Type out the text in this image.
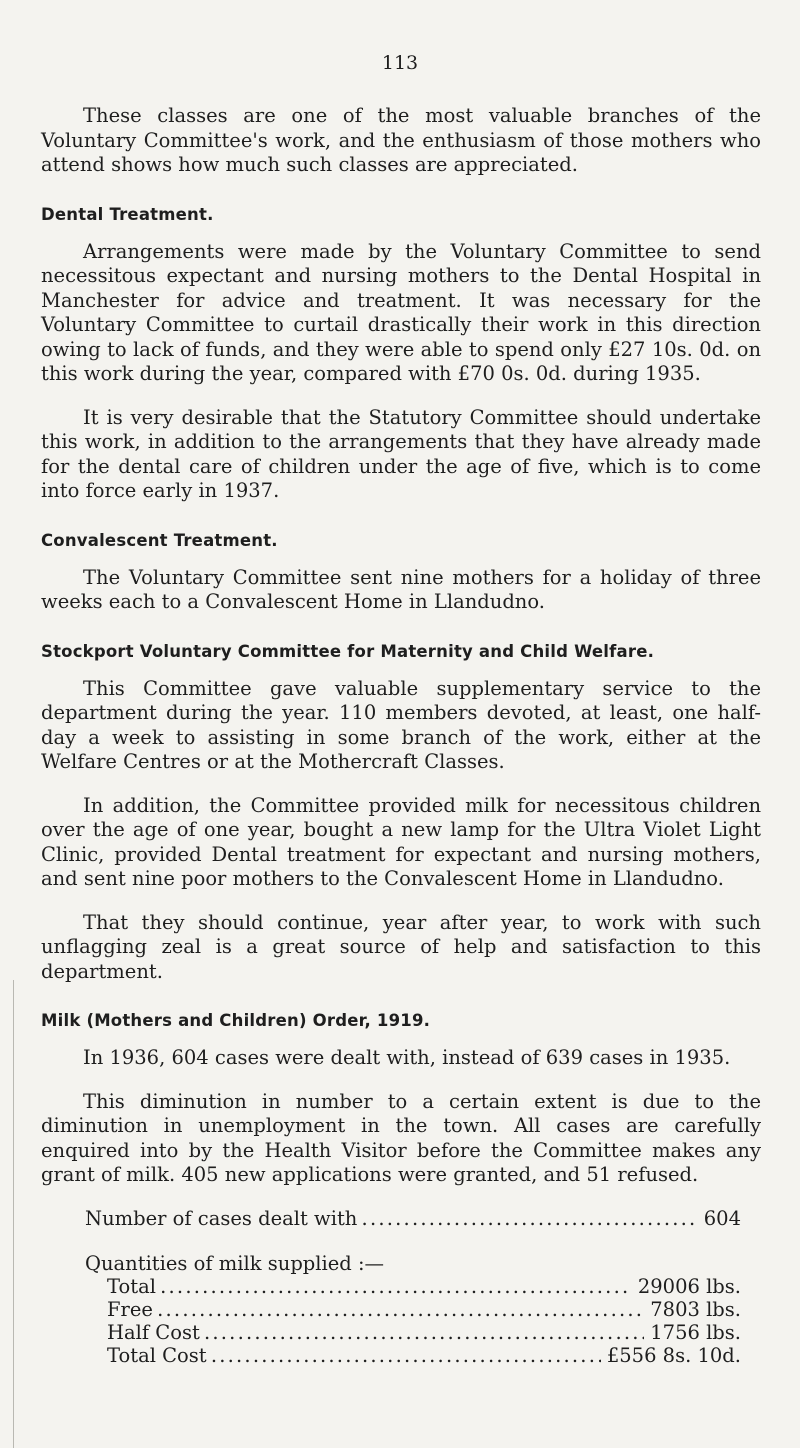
113

These classes are one of the most valuable branches of the Voluntary Committee's work, and the enthusiasm of those mothers who attend shows how much such classes are appreciated.

Dental Treatment.

Arrangements were made by the Voluntary Committee to send necessitous expectant and nursing mothers to the Dental Hospital in Manchester for advice and treatment. It was necessary for the Voluntary Committee to curtail drastically their work in this direction owing to lack of funds, and they were able to spend only £27 10s. 0d. on this work during the year, compared with £70 0s. 0d. during 1935.

It is very desirable that the Statutory Committee should undertake this work, in addition to the arrangements that they have already made for the dental care of children under the age of five, which is to come into force early in 1937.

Convalescent Treatment.

The Voluntary Committee sent nine mothers for a holiday of three weeks each to a Convalescent Home in Llandudno.

Stockport Voluntary Committee for Maternity and Child Welfare.

This Committee gave valuable supplementary service to the department during the year. 110 members devoted, at least, one half-day a week to assisting in some branch of the work, either at the Welfare Centres or at the Mothercraft Classes.

In addition, the Committee provided milk for necessitous children over the age of one year, bought a new lamp for the Ultra Violet Light Clinic, provided Dental treatment for expectant and nursing mothers, and sent nine poor mothers to the Convalescent Home in Llandudno.

That they should continue, year after year, to work with such unflagging zeal is a great source of help and satisfaction to this department.

Milk (Mothers and Children) Order, 1919.

In 1936, 604 cases were dealt with, instead of 639 cases in 1935.

This diminution in number to a certain extent is due to the diminution in unemployment in the town. All cases are carefully enquired into by the Health Visitor before the Committee makes any grant of milk. 405 new applications were granted, and 51 refused.

Number of cases dealt with . . .	604
Quantities of milk supplied :—
Total . . .	29006 lbs.
Free . . .	7803 lbs.
Half Cost . . .	1756 lbs.
Total Cost . . .	£556 8s. 10d.
